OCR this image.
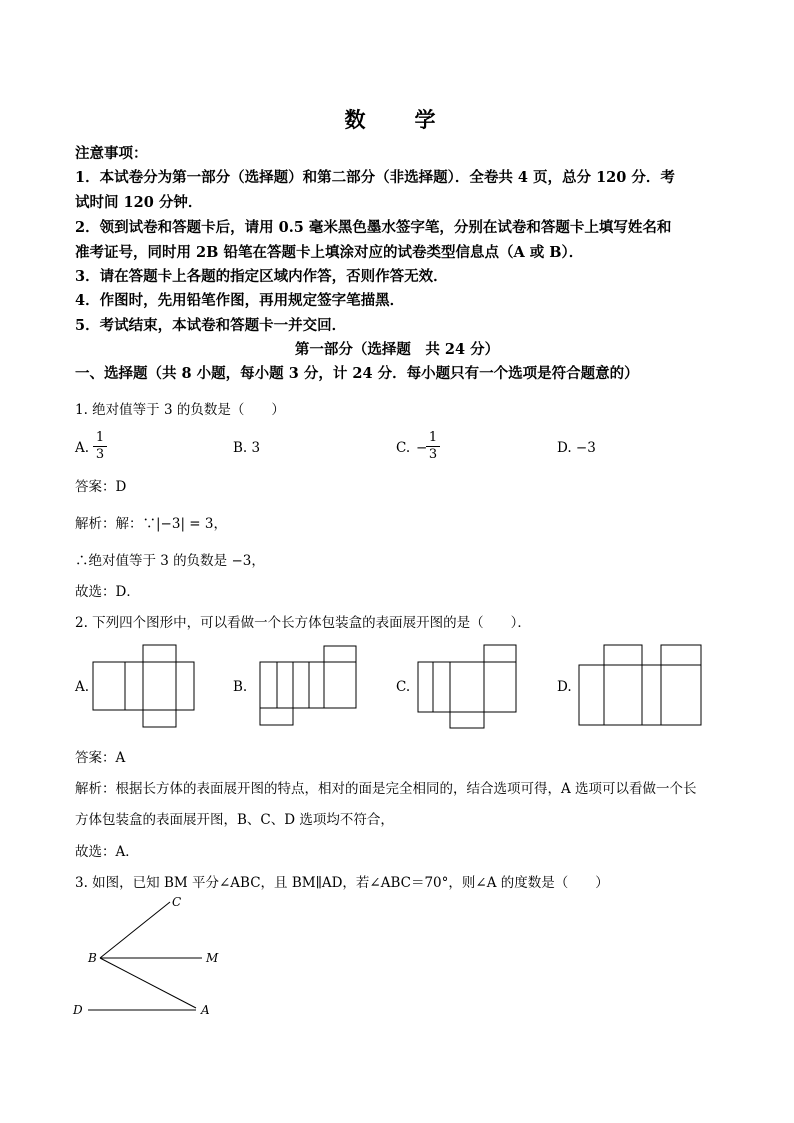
数　学
注意事项：
1．本试卷分为第一部分（选择题）和第二部分（非选择题）．全卷共 4 页，总分 120 分．考
试时间 120 分钟．
2．领到试卷和答题卡后，请用 0.5 毫米黑色墨水签字笔，分别在试卷和答题卡上填写姓名和
准考证号，同时用 2B 铅笔在答题卡上填涂对应的试卷类型信息点（A 或 B）．
3．请在答题卡上各题的指定区域内作答，否则作答无效．
4．作图时，先用铅笔作图，再用规定签字笔描黑．
5．考试结束，本试卷和答题卡一并交回．
第一部分（选择题　共 24 分）
一、选择题（共 8 小题，每小题 3 分，计 24 分．每小题只有一个选项是符合题意的）
1. 绝对值等于 3 的负数是（　　）
A.
1
3	B. 3	C. −
1
3	D. −3
答案：D
解析：解：∵|−3| = 3，
∴绝对值等于 3 的负数是 −3，
故选：D．
2. 下列四个图形中，可以看做一个长方体包装盒的表面展开图的是（　　）．
A.	B.	C.	D.
答案：A
解析：根据长方体的表面展开图的特点，相对的面是完全相同的，结合选项可得，A 选项可以看做一个长
方体包装盒的表面展开图，B、C、D 选项均不符合，
故选：A．
3. 如图，已知 BM 平分∠ABC，且 BM∥AD，若∠ABC＝70°，则∠A 的度数是（　　）
C
B	M
D	A
